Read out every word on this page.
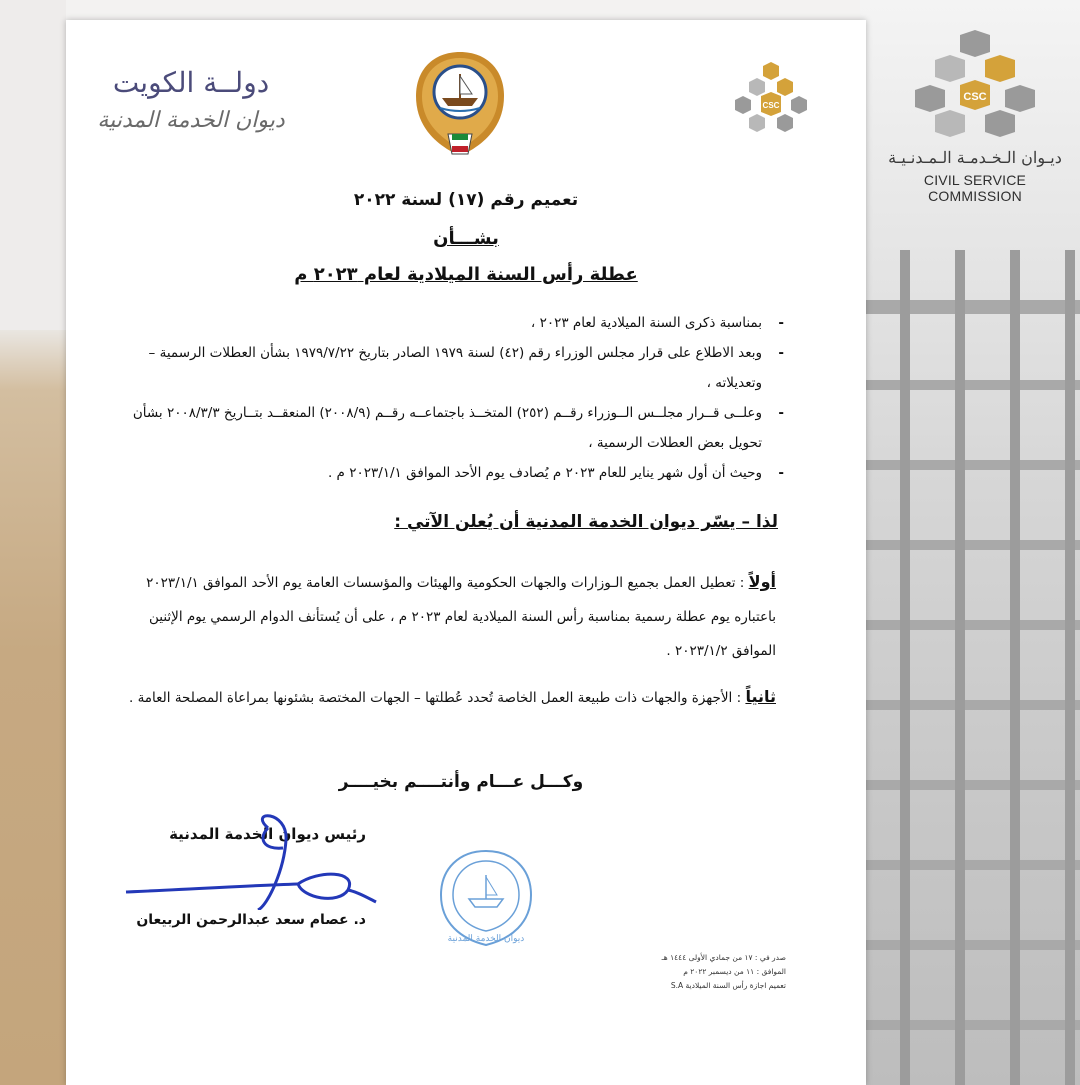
CSC
ديـوان الـخـدمـة الـمـدنـيـة
CIVIL SERVICE COMMISSION
دولــة الكويت
ديوان الخدمة المدنية
CSC
تعميم رقم (١٧) لسنة ٢٠٢٢
بشـــأن
عطلة رأس السنة الميلادية لعام ٢٠٢٣ م
- بمناسبة ذكرى السنة الميلادية لعام ٢٠٢٣ ،
- وبعد الاطلاع على قرار مجلس الوزراء رقم (٤٢) لسنة ١٩٧٩ الصادر بتاريخ ١٩٧٩/٧/٢٢ بشأن العطلات الرسمية – وتعديلاته ،
- وعلــى قــرار مجلــس الــوزراء رقــم (٢٥٢) المتخــذ باجتماعــه رقــم (٢٠٠٨/٩) المنعقــد بتــاريخ ٢٠٠٨/٣/٣ بشأن تحويل بعض العطلات الرسمية ،
- وحيث أن أول شهر يناير للعام ٢٠٢٣ م يُصادف يوم الأحد الموافق ٢٠٢٣/١/١ م .
لذا – يسّر ديوان الخدمة المدنية أن يُعلن الآتي :
أولاً : تعطيل العمل بجميع الـوزارات والجهات الحكومية والهيئات والمؤسسات العامة يوم الأحد الموافق ٢٠٢٣/١/١ باعتباره يوم عطلة رسمية بمناسبة رأس السنة الميلادية لعام ٢٠٢٣ م ، على أن يُستأنف الدوام الرسمي يوم الإثنين الموافق ٢٠٢٣/١/٢ .
ثانياً : الأجهزة والجهات ذات طبيعة العمل الخاصة تُحدد عُطلتها – الجهات المختصة بشئونها بمراعاة المصلحة العامة .
وكـــل عـــام وأنتــــم بخيــــر
رئيس ديوان الخدمة المدنية
د. عصام سعد عبدالرحمن الربيعان
ديوان الخدمة المدنية
صدر في : ١٧ من جمادي الأولى ١٤٤٤ هـ
الموافق : ١١ من ديسمبر ٢٠٢٢ م
تعميم اجازة رأس السنة الميلادية S.A
